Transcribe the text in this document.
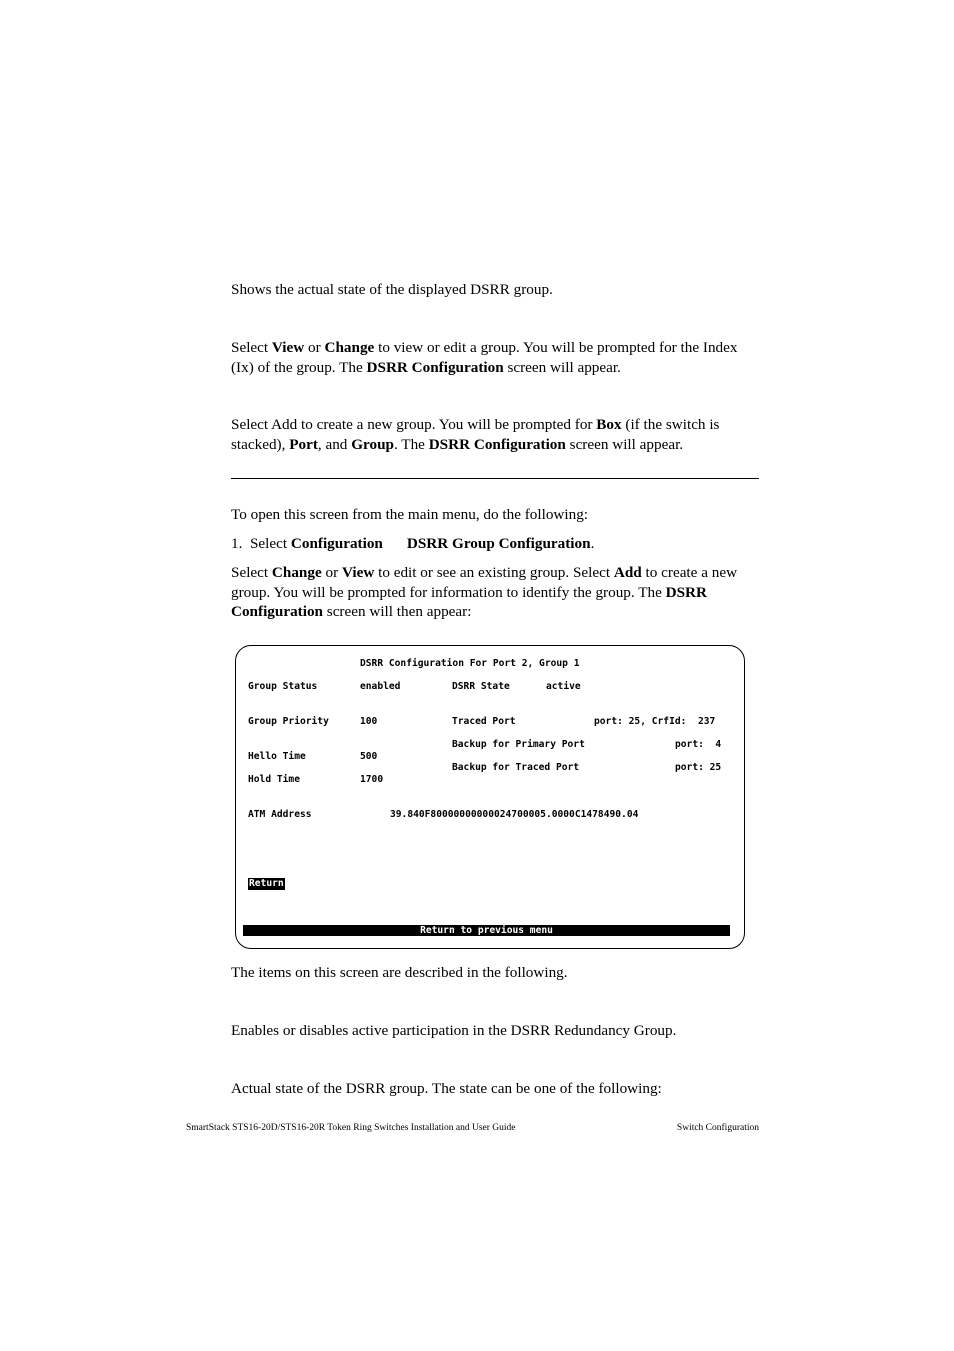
Shows the actual state of the displayed DSRR group.

Select View or Change to view or edit a group. You will be prompted for the Index (Ix) of the group. The DSRR Configuration screen will appear.

Select Add to create a new group. You will be prompted for Box (if the switch is stacked), Port, and Group. The DSRR Configuration screen will appear.

To open this screen from the main menu, do the following:

1. Select Configuration DSRR Group Configuration.

Select Change or View to edit or see an existing group. Select Add to create a new group. You will be prompted for information to identify the group. The DSRR Configuration screen will then appear:

DSRR Configuration For Port 2, Group 1
Group Status	enabled	DSRR State	active
Group Priority	100	Traced Port	port: 25, CrfId:  237
Backup for Primary Port	port:  4
Hello Time	500
Backup for Traced Port	port: 25
Hold Time	1700
ATM Address	39.840F80000000000024700005.0000C1478490.04
Return
Return to previous menu

The items on this screen are described in the following.

Enables or disables active participation in the DSRR Redundancy Group.

Actual state of the DSRR group. The state can be one of the following:

SmartStack STS16-20D/STS16-20R Token Ring Switches Installation and User Guide	Switch Configuration
